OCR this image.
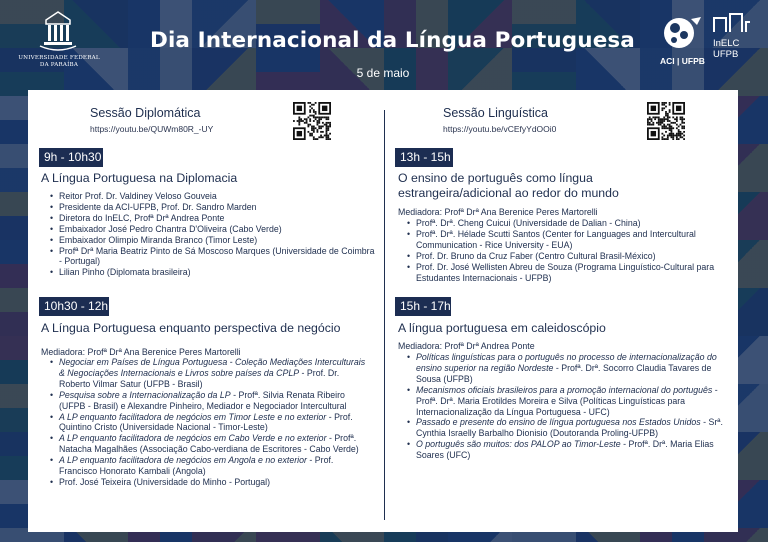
UNIVERSIDADE FEDERAL
DA PARAÍBA
Dia Internacional da Língua Portuguesa
5 de maio
ACI | UFPB
InELC
UFPB
Sessão Diplomática
https://youtu.be/QUWm80R_-UY
9h - 10h30
A Língua Portuguesa na Diplomacia
• Reitor Prof. Dr. Valdiney Veloso Gouveia
• Presidente da ACI-UFPB, Prof. Dr. Sandro Marden
• Diretora do InELC, Profª Drª Andrea Ponte
• Embaixador José Pedro Chantra D'Oliveira (Cabo Verde)
• Embaixador Olimpio Miranda Branco (Timor Leste)
• Profª Drª Maria Beatriz Pinto de Sá Moscoso Marques (Universidade de Coimbra - Portugal)
• Lilian Pinho (Diplomata brasileira)
10h30 - 12h
A Língua Portuguesa enquanto perspectiva de negócio
Mediadora: Profª Drª Ana Berenice Peres Martorelli
• Negociar em Países de Língua Portuguesa - Coleção Mediações Interculturais & Negociações Internacionais e Livros sobre países da CPLP - Prof. Dr. Roberto Vilmar Satur (UFPB - Brasil)
• Pesquisa sobre a Internacionalização da LP - Profª. Silvia Renata Ribeiro (UFPB - Brasil) e Alexandre Pinheiro, Mediador e Negociador Intercultural
• A LP enquanto facilitadora de negócios em Timor Leste e no exterior - Prof. Quintino Cristo (Universidade Nacional - Timor-Leste)
• A LP enquanto facilitadora de negócios em Cabo Verde e no exterior - Profª. Natacha Magalhães (Associação Cabo-verdiana de Escritores - Cabo Verde)
• A LP enquanto facilitadora de negócios em Angola e no exterior - Prof. Francisco Honorato Kambali (Angola)
• Prof. José Teixeira (Universidade do Minho - Portugal)
Sessão Linguística
https://youtu.be/vCEfyYdOOi0
13h - 15h
O ensino de português como língua estrangeira/adicional ao redor do mundo
Mediadora: Profª Drª Ana Berenice Peres Martorelli
• Profª. Drª. Cheng Cuicui (Universidade de Dalian - China)
• Profª. Drª. Hélade Scutti Santos (Center for Languages and Intercultural Communication - Rice University - EUA)
• Prof. Dr. Bruno da Cruz Faber (Centro Cultural Brasil-México)
• Prof. Dr. José Wellisten Abreu de Souza (Programa Linguístico-Cultural para Estudantes Internacionais - UFPB)
15h - 17h
A língua portuguesa em caleidoscópio
Mediadora: Profª Drª Andrea Ponte
• Políticas linguísticas para o português no processo de internacionalização do ensino superior na região Nordeste - Profª. Drª. Socorro Claudia Tavares de Sousa (UFPB)
• Mecanismos oficiais brasileiros para a promoção internacional do português - Profª. Drª. Maria Erotildes Moreira e Silva (Políticas Linguísticas para Internacionalização da Língua Portuguesa - UFC)
• Passado e presente do ensino de língua portuguesa nos Estados Unidos - Srª. Cynthia Israelly Barbalho Dionisio (Doutoranda Proling-UFPB)
• O português são muitos: dos PALOP ao Timor-Leste - Profª. Drª. Maria Elias Soares (UFC)
